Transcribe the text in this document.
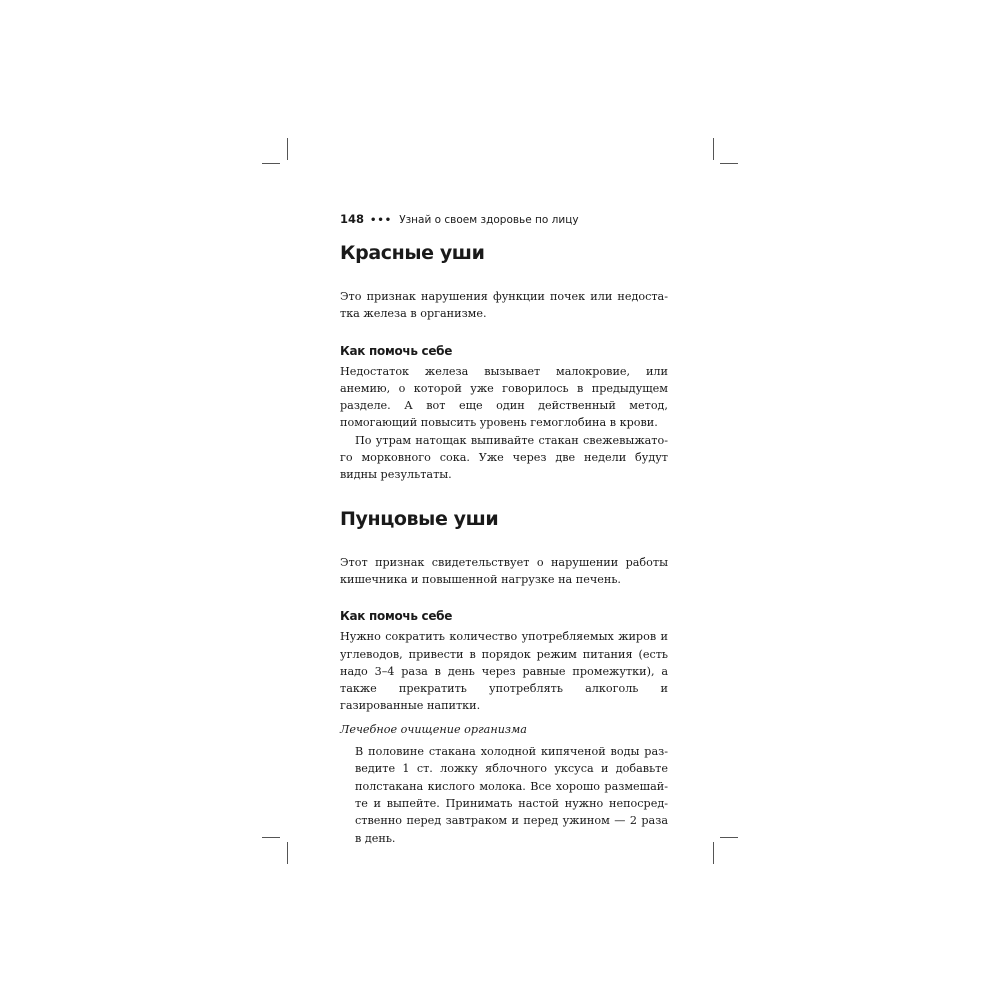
148 ••• Узнай о своем здоровье по лицу
Красные уши

Это признак нарушения функции почек или недостатка железа в организме.

Как помочь себе

Недостаток железа вызывает малокровие, или анемию, о которой уже говорилось в предыдущем разделе. А вот еще один действенный метод, помогающий повысить уровень гемоглобина в крови.

По утрам натощак выпивайте стакан свежевыжатого морковного сока. Уже через две недели будут видны результаты.

Пунцовые уши

Этот признак свидетельствует о нарушении работы кишечника и повышенной нагрузке на печень.

Как помочь себе

Нужно сократить количество употребляемых жиров и углеводов, привести в порядок режим питания (есть надо 3–4 раза в день через равные промежутки), а также прекратить употреблять алкоголь и газированные напитки.

Лечебное очищение организма

В половине стакана холодной кипяченой воды разведите 1 ст. ложку яблочного уксуса и добавьте полстакана кислого молока. Все хорошо размешайте и выпейте. Принимать настой нужно непосредственно перед завтраком и перед ужином — 2 раза в день.
